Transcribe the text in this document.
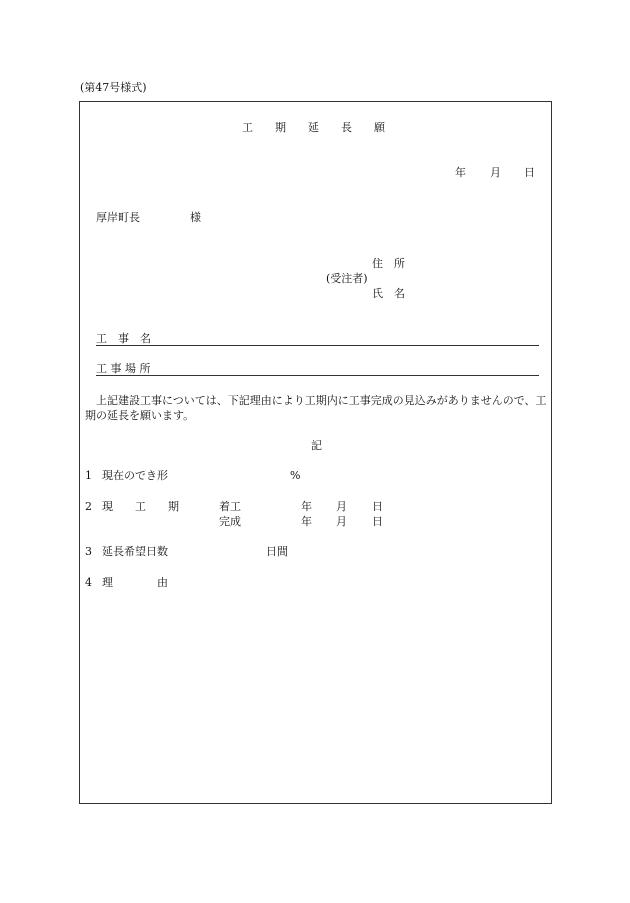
(第47号様式)
工 期 延 長 願
年 月 日
厚岸町長	様
住　所
(受注者)
氏　名
工　事　名
工 事 場 所
上記建設工事については、下記理由により工期内に工事完成の見込みがありませんので、工期の延長を願います。
記
1 現在のでき形	%
2 現　　工　　期	着工	年 月 日
完成	年 月 日
3 延長希望日数	日間
4 理　　　　由
